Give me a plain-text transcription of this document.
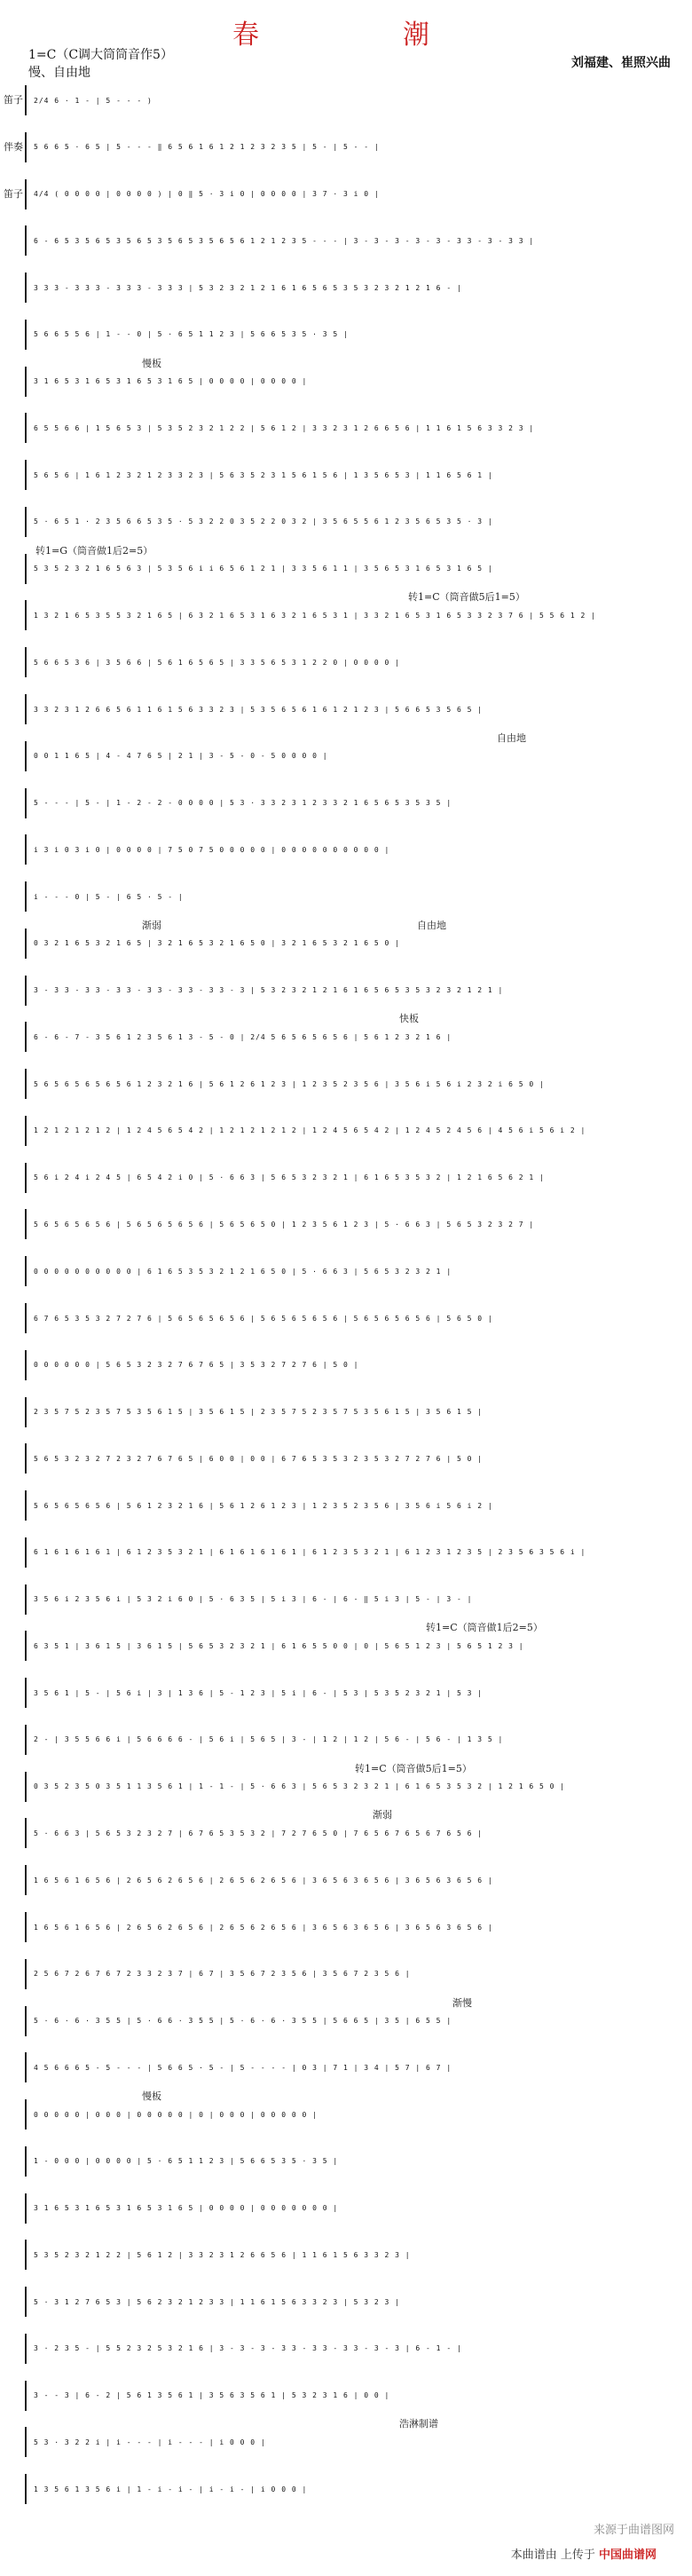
春　　潮
1=C（C调大筒筒音作5）
慢、自由地
刘福建、崔照兴曲
2/4 6 · 1 - | 5 - - - )
5 6 6 5 · 6 5 | 5 - - - ‖ 6 5 6 1 6 1 2 1 2 3 2 3 5 | 5 - | 5 - - |
4/4 ( 0 0 0 0 | 0 0 0 0 ) | 0 ‖ 5 · 3 i 0 | 0 0 0 0 | 3 7 · 3 i 0 |
6 - 6 5 3 5 6 5 3 5 6 5 3 5 6 5 3 5 6 5 6 1 2 1 2 3 5 - - - | 3 - 3 - 3 - 3 - 3 - 3 3 - 3 - 3 3 |
3 3 3 - 3 3 3 - 3 3 3 - 3 3 3 | 5 3 2 3 2 1 2 1 6 1 6 5 6 5 3 5 3 2 3 2 1 2 1 6 - |
5 6 6 5 5 6 | 1 - - 0 | 5 · 6 5 1 1 2 3 | 5 6 6 5 3 5 · 3 5 |
3 1 6 5 3 1 6 5 3 1 6 5 3 1 6 5 | 0 0 0 0 | 0 0 0 0 |
6 5 5 6 6 | 1 5 6 5 3 | 5 3 5 2 3 2 1 2 2 | 5 6 1 2 | 3 3 2 3 1 2 6 6 5 6 | 1 1 6 1 5 6 3 3 2 3 |
5 6 5 6 | 1 6 1 2 3 2 1 2 3 3 2 3 | 5 6 3 5 2 3 1 5 6 1 5 6 | 1 3 5 6 5 3 | 1 1 6 5 6 1 |
5 · 6 5 1 · 2 3 5 6 6 5 3 5 · 5 3 2 2 0 3 5 2 2 0 3 2 | 3 5 6 5 5 6 1 2 3 5 6 5 3 5 · 3 |
5 3 5 2 3 2 1 6 5 6 3 | 5 3 5 6 i i 6 5 6 1 2 1 | 3 3 5 6 1 1 | 3 5 6 5 3 1 6 5 3 1 6 5 |
1 3 2 1 6 5 3 5 5 3 2 1 6 5 | 6 3 2 1 6 5 3 1 6 3 2 1 6 5 3 1 | 3 3 2 1 6 5 3 1 6 5 3 3 2 3 7 6 | 5 5 6 1 2 |
5 6 6 5 3 6 | 3 5 6 6 | 5 6 1 6 5 6 5 | 3 3 5 6 5 3 1 2 2 0 | 0 0 0 0 |
3 3 2 3 1 2 6 6 5 6 1 1 6 1 5 6 3 3 2 3 | 5 3 5 6 5 6 1 6 1 2 1 2 3 | 5 6 6 5 3 5 6 5 |
0 0 1 1 6 5 | 4 - 4 7 6 5 | 2 1 | 3 - 5 - 0 - 5 0 0 0 0 |
5 - - - | 5 - | 1 - 2 - 2 - 0 0 0 0 | 5 3 · 3 3 2 3 1 2 3 3 2 1 6 5 6 5 3 5 3 5 |
i 3 i 0 3 i 0 | 0 0 0 0 | 7 5 0 7 5 0 0 0 0 0 | 0 0 0 0 0 0 0 0 0 0 |
i - - - 0 | 5 - | 6 5 · 5 - |
0 3 2 1 6 5 3 2 1 6 5 | 3 2 1 6 5 3 2 1 6 5 0 | 3 2 1 6 5 3 2 1 6 5 0 |
3 - 3 3 - 3 3 - 3 3 - 3 3 - 3 3 - 3 3 - 3 | 5 3 2 3 2 1 2 1 6 1 6 5 6 5 3 5 3 2 3 2 1 2 1 |
6 - 6 - 7 - 3 5 6 1 2 3 5 6 1 3 - 5 - 0 | 2/4 5 6 5 6 5 6 5 6 | 5 6 1 2 3 2 1 6 |
5 6 5 6 5 6 5 6 5 6 1 2 3 2 1 6 | 5 6 1 2 6 1 2 3 | 1 2 3 5 2 3 5 6 | 3 5 6 i 5 6 i 2 3 2 i 6 5 0 |
1 2 1 2 1 2 1 2 | 1 2 4 5 6 5 4 2 | 1 2 1 2 1 2 1 2 | 1 2 4 5 6 5 4 2 | 1 2 4 5 2 4 5 6 | 4 5 6 i 5 6 i 2 |
5 6 i 2 4 i 2 4 5 | 6 5 4 2 i 0 | 5 · 6 6 3 | 5 6 5 3 2 3 2 1 | 6 1 6 5 3 5 3 2 | 1 2 1 6 5 6 2 1 |
5 6 5 6 5 6 5 6 | 5 6 5 6 5 6 5 6 | 5 6 5 6 5 0 | 1 2 3 5 6 1 2 3 | 5 · 6 6 3 | 5 6 5 3 2 3 2 7 |
0 0 0 0 0 0 0 0 0 0 | 6 1 6 5 3 5 3 2 1 2 1 6 5 0 | 5 · 6 6 3 | 5 6 5 3 2 3 2 1 |
6 7 6 5 3 5 3 2 7 2 7 6 | 5 6 5 6 5 6 5 6 | 5 6 5 6 5 6 5 6 | 5 6 5 6 5 6 5 6 | 5 6 5 0 |
0 0 0 0 0 0 | 5 6 5 3 2 3 2 7 6 7 6 5 | 3 5 3 2 7 2 7 6 | 5 0 |
2 3 5 7 5 2 3 5 7 5 3 5 6 1 5 | 3 5 6 1 5 | 2 3 5 7 5 2 3 5 7 5 3 5 6 1 5 | 3 5 6 1 5 |
5 6 5 3 2 3 2 7 2 3 2 7 6 7 6 5 | 6 0 0 | 0 0 | 6 7 6 5 3 5 3 2 3 5 3 2 7 2 7 6 | 5 0 |
5 6 5 6 5 6 5 6 | 5 6 1 2 3 2 1 6 | 5 6 1 2 6 1 2 3 | 1 2 3 5 2 3 5 6 | 3 5 6 i 5 6 i 2 |
6 1 6 1 6 1 6 1 | 6 1 2 3 5 3 2 1 | 6 1 6 1 6 1 6 1 | 6 1 2 3 5 3 2 1 | 6 1 2 3 1 2 3 5 | 2 3 5 6 3 5 6 i |
3 5 6 i 2 3 5 6 i | 5 3 2 i 6 0 | 5 · 6 3 5 | 5 i 3 | 6 - | 6 - ‖ 5 i 3 | 5 - | 3 - |
6 3 5 1 | 3 6 1 5 | 3 6 1 5 | 5 6 5 3 2 3 2 1 | 6 1 6 5 5 0 0 | 0 | 5 6 5 1 2 3 | 5 6 5 1 2 3 |
3 5 6 1 | 5 - | 5 6 i | 3 | 1 3 6 | 5 - 1 2 3 | 5 i | 6 - | 5 3 | 5 3 5 2 3 2 1 | 5 3 |
2 - | 3 5 5 6 6 i | 5 6 6 6 6 - | 5 6 i | 5 6 5 | 3 - | 1 2 | 1 2 | 5 6 - | 5 6 - | 1 3 5 |
0 3 5 2 3 5 0 3 5 1 1 3 5 6 1 | 1 - 1 - | 5 · 6 6 3 | 5 6 5 3 2 3 2 1 | 6 1 6 5 3 5 3 2 | 1 2 1 6 5 0 |
5 · 6 6 3 | 5 6 5 3 2 3 2 7 | 6 7 6 5 3 5 3 2 | 7 2 7 6 5 0 | 7 6 5 6 7 6 5 6 7 6 5 6 |
1 6 5 6 1 6 5 6 | 2 6 5 6 2 6 5 6 | 2 6 5 6 2 6 5 6 | 3 6 5 6 3 6 5 6 | 3 6 5 6 3 6 5 6 |
1 6 5 6 1 6 5 6 | 2 6 5 6 2 6 5 6 | 2 6 5 6 2 6 5 6 | 3 6 5 6 3 6 5 6 | 3 6 5 6 3 6 5 6 |
2 5 6 7 2 6 7 6 7 2 3 3 2 3 7 | 6 7 | 3 5 6 7 2 3 5 6 | 3 5 6 7 2 3 5 6 |
5 · 6 · 6 · 3 5 5 | 5 · 6 6 · 3 5 5 | 5 · 6 · 6 · 3 5 5 | 5 6 6 5 | 3 5 | 6 5 5 |
4 5 6 6 6 5 - 5 - - - | 5 6 6 5 · 5 - | 5 - - - - | 0 3 | 7 1 | 3 4 | 5 7 | 6 7 |
0 0 0 0 0 | 0 0 0 | 0 0 0 0 0 | 0 | 0 0 0 | 0 0 0 0 0 |
1 - 0 0 0 | 0 0 0 0 | 5 · 6 5 1 1 2 3 | 5 6 6 5 3 5 · 3 5 |
3 1 6 5 3 1 6 5 3 1 6 5 3 1 6 5 | 0 0 0 0 | 0 0 0 0 0 0 0 |
5 3 5 2 3 2 1 2 2 | 5 6 1 2 | 3 3 2 3 1 2 6 6 5 6 | 1 1 6 1 5 6 3 3 2 3 |
5 · 3 1 2 7 6 5 3 | 5 6 2 3 2 1 2 3 3 | 1 1 6 1 5 6 3 3 2 3 | 5 3 2 3 |
3 · 2 3 5 - | 5 5 2 3 2 5 3 2 1 6 | 3 - 3 - 3 - 3 3 - 3 3 - 3 3 - 3 - 3 | 6 - 1 - |
3 - - 3 | 6 - 2 | 5 6 1 3 5 6 1 | 3 5 6 3 5 6 1 | 5 3 2 3 1 6 | 0 0 |
5 3 · 3 2 2 i | i - - - | i - - - | i 0 0 0 |
1 3 5 6 1 3 5 6 i | 1 - i - i - | i - i - | i 0 0 0 |
慢板
转1=G（筒音做1后2=5）
转1=C（筒音做5后1=5）
自由地
自由地
渐弱
快板
转1=C（筒音做1后2=5）
转1=C（筒音做5后1=5）
渐弱
渐慢
慢板
浩淋制谱
笛子
伴奏
笛子
来源于曲谱图网
本曲谱由 上传于 中国曲谱网
